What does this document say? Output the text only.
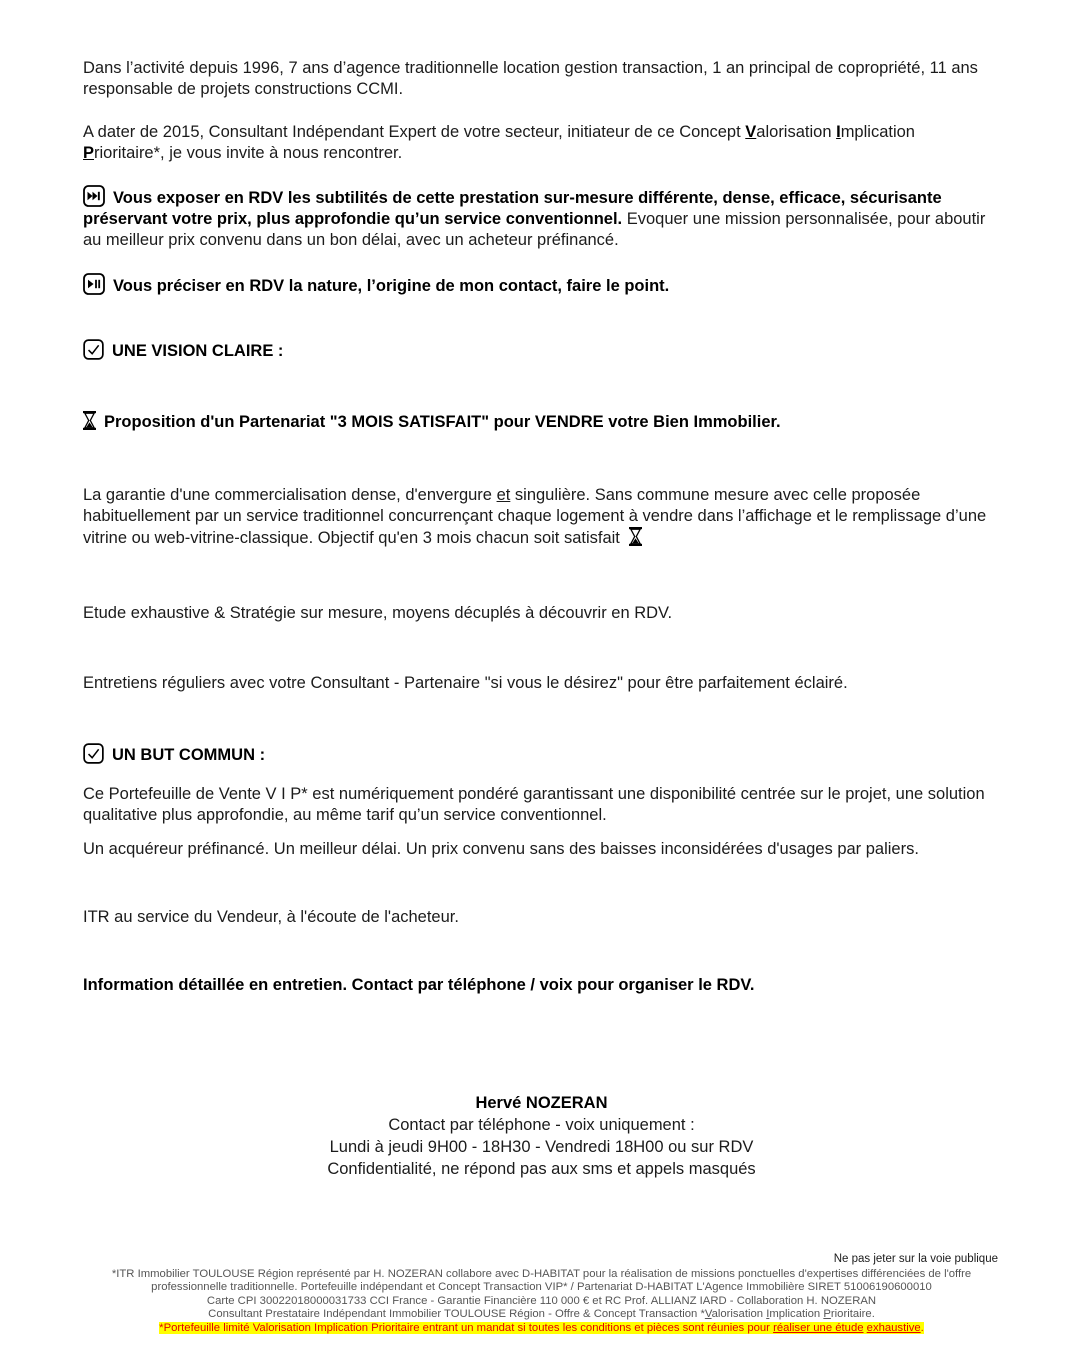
Dans l’activité depuis 1996, 7 ans d’agence traditionnelle location gestion transaction, 1 an principal de copropriété, 11 ans responsable de projets constructions CCMI.

A dater de 2015, Consultant Indépendant Expert de votre secteur, initiateur de ce Concept Valorisation Implication Prioritaire*, je vous invite à nous rencontrer.

Vous exposer en RDV les subtilités de cette prestation sur-mesure différente, dense, efficace, sécurisante préservant votre prix, plus approfondie qu’un service conventionnel. Evoquer une mission personnalisée, pour aboutir au meilleur prix convenu dans un bon délai, avec un acheteur préfinancé.

Vous préciser en RDV la nature, l’origine de mon contact, faire le point.

UNE VISION CLAIRE :

Proposition d'un Partenariat "3 MOIS SATISFAIT" pour VENDRE votre Bien Immobilier.

La garantie d'une commercialisation dense, d'envergure et singulière. Sans commune mesure avec celle proposée habituellement par un service traditionnel concurrençant chaque logement à vendre dans l’affichage et le remplissage d’une vitrine ou web-vitrine-classique. Objectif qu'en 3 mois chacun soit satisfait

Etude exhaustive & Stratégie sur mesure, moyens décuplés à découvrir en RDV.

Entretiens réguliers avec votre Consultant - Partenaire "si vous le désirez" pour être parfaitement éclairé.

UN BUT COMMUN :

Ce Portefeuille de Vente V I P* est numériquement pondéré garantissant une disponibilité centrée sur le projet, une solution qualitative plus approfondie, au même tarif qu’un service conventionnel.

Un acquéreur préfinancé. Un meilleur délai. Un prix convenu sans des baisses inconsidérées d'usages par paliers.

ITR au service du Vendeur, à l'écoute de l'acheteur.

Information détaillée en entretien. Contact par téléphone / voix pour organiser le RDV.

Hervé NOZERAN

Contact par téléphone - voix uniquement :

Lundi à jeudi 9H00 - 18H30 - Vendredi 18H00 ou sur RDV

Confidentialité, ne répond pas aux sms et appels masqués

Ne pas jeter sur la voie publique

*ITR Immobilier TOULOUSE Région représenté par H. NOZERAN collabore avec D-HABITAT pour la réalisation de missions ponctuelles d'expertises différenciées de l'offre

professionnelle traditionnelle. Portefeuille indépendant et Concept Transaction VIP* / Partenariat D-HABITAT L'Agence Immobilière SIRET 51006190600010

Carte CPI 30022018000031733 CCI France - Garantie Financière 110 000 € et RC Prof. ALLIANZ IARD - Collaboration H. NOZERAN

Consultant Prestataire Indépendant Immobilier TOULOUSE Région - Offre & Concept Transaction *Valorisation Implication Prioritaire.

*Portefeuille limité Valorisation Implication Prioritaire entrant un mandat si toutes les conditions et pièces sont réunies pour réaliser une étude exhaustive.
